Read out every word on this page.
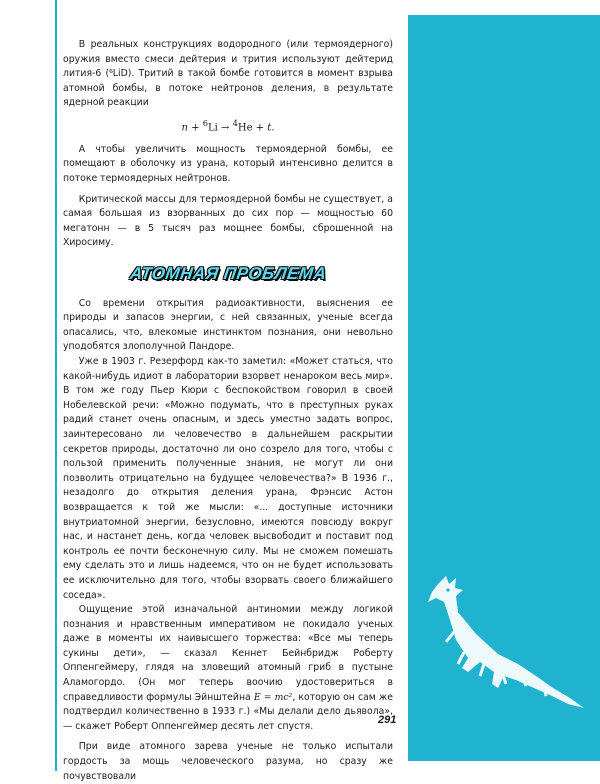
В реальных конструкциях водородного (или термоядерного) оружия вместо смеси дейтерия и трития используют дейтерид лития-6 (⁶LiD). Тритий в такой бомбе готовится в момент взрыва атомной бомбы, в потоке нейтронов деления, в результате ядерной реакции

n + $^6$Li → $^4$He + t.

А чтобы увеличить мощность термоядерной бомбы, ее помещают в оболочку из урана, который интенсивно делится в потоке термоядерных нейтронов.

Критической массы для термоядерной бомбы не существует, а самая большая из взорванных до сих пор — мощностью 60 мегатонн — в 5 тысяч раз мощнее бомбы, сброшенной на Хиросиму.

АТОМНАЯ ПРОБЛЕМА

Со времени открытия радиоактивности, выяснения ее природы и запасов энергии, с ней связанных, ученые всегда опасались, что, влекомые инстинктом познания, они невольно уподобятся злополучной Пандоре.

Уже в 1903 г. Резерфорд как-то заметил: «Может статься, что какой-нибудь идиот в лаборатории взорвет ненароком весь мир». В том же году Пьер Кюри с беспокойством говорил в своей Нобелевской речи: «Можно подумать, что в преступных руках радий станет очень опасным, и здесь уместно задать вопрос, заинтересовано ли человечество в дальнейшем раскрытии секретов природы, достаточно ли оно созрело для того, чтобы с пользой применить полученные знания, не могут ли они позволить отрицательно на будущее человечества?» В 1936 г., незадолго до открытия деления урана, Фрэнсис Астон возвращается к той же мысли: «... доступные источники внутриатомной энергии, безусловно, имеются повсюду вокруг нас, и настанет день, когда человек высвободит и поставит под контроль ее почти бесконечную силу. Мы не сможем помешать ему сделать это и лишь надеемся, что он не будет использовать ее исключительно для того, чтобы взорвать своего ближайшего соседа».

Ощущение этой изначальной антиномии между логикой познания и нравственным императивом не покидало ученых даже в моменты их наивысшего торжества: «Все мы теперь сукины дети», — сказал Кеннет Бейнбридж Роберту Оппенгеймеру, глядя на зловещий атомный гриб в пустыне Аламогордо. (Он мог теперь воочию удостовериться в справедливости формулы Эйнштейна E = mc², которую он сам же подтвердил количественно в 1933 г.) «Мы делали дело дьявола», — скажет Роберт Оппенгеймер десять лет спустя.

При виде атомного зарева ученые не только испытали гордость за мощь человеческого разума, но сразу же почувствовали

291
